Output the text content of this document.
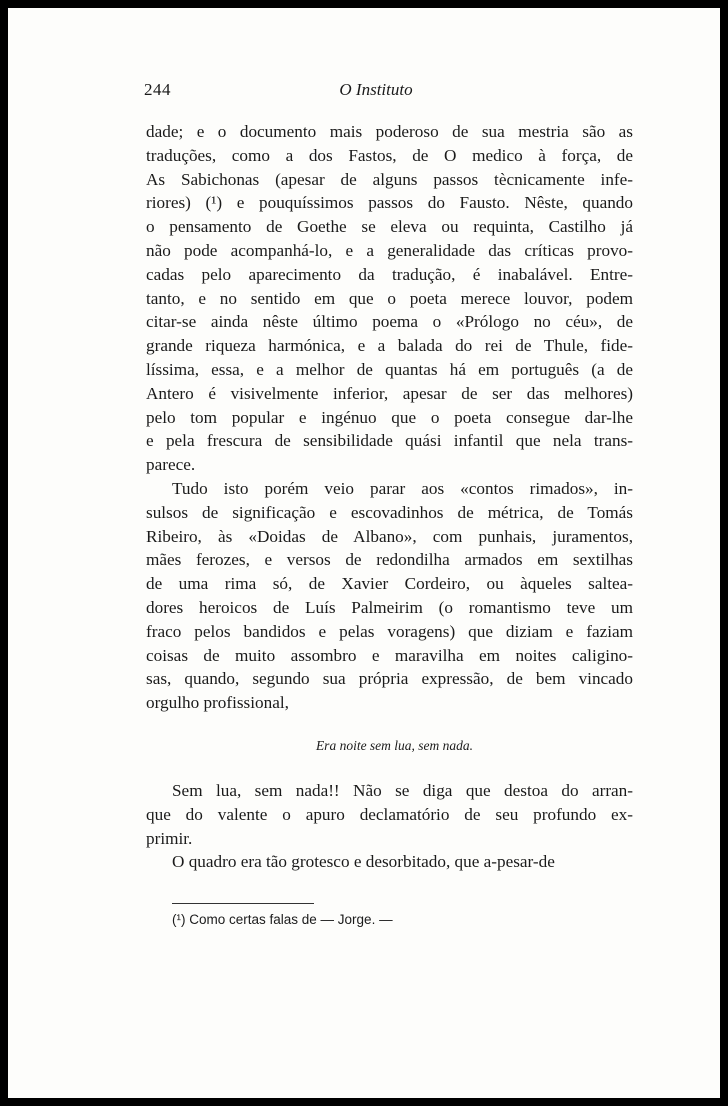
244	O Instituto

dade; e o documento mais poderoso de sua mestria são as
traduções, como a dos Fastos, de O medico à força, de
As Sabichonas (apesar de alguns passos tècnicamente infe-
riores) (¹) e pouquíssimos passos do Fausto. Nêste, quando
o pensamento de Goethe se eleva ou requinta, Castilho já
não pode acompanhá-lo, e a generalidade das críticas provo-
cadas pelo aparecimento da tradução, é inabalável. Entre-
tanto, e no sentido em que o poeta merece louvor, podem
citar-se ainda nêste último poema o «Prólogo no céu», de
grande riqueza harmónica, e a balada do rei de Thule, fide-
líssima, essa, e a melhor de quantas há em português (a de
Antero é visivelmente inferior, apesar de ser das melhores)
pelo tom popular e ingénuo que o poeta consegue dar-lhe
e pela frescura de sensibilidade quási infantil que nela trans-
parece.

Tudo isto porém veio parar aos «contos rimados», in-
sulsos de significação e escovadinhos de métrica, de Tomás
Ribeiro, às «Doidas de Albano», com punhais, juramentos,
mães ferozes, e versos de redondilha armados em sextilhas
de uma rima só, de Xavier Cordeiro, ou àqueles saltea-
dores heroicos de Luís Palmeirim (o romantismo teve um
fraco pelos bandidos e pelas voragens) que diziam e faziam
coisas de muito assombro e maravilha em noites caligino-
sas, quando, segundo sua própria expressão, de bem vincado
orgulho profissional,

Era noite sem lua, sem nada.

Sem lua, sem nada!! Não se diga que destoa do arran-
que do valente o apuro declamatório de seu profundo ex-
primir.

O quadro era tão grotesco e desorbitado, que a-pesar-de

(¹) Como certas falas de — Jorge. —
